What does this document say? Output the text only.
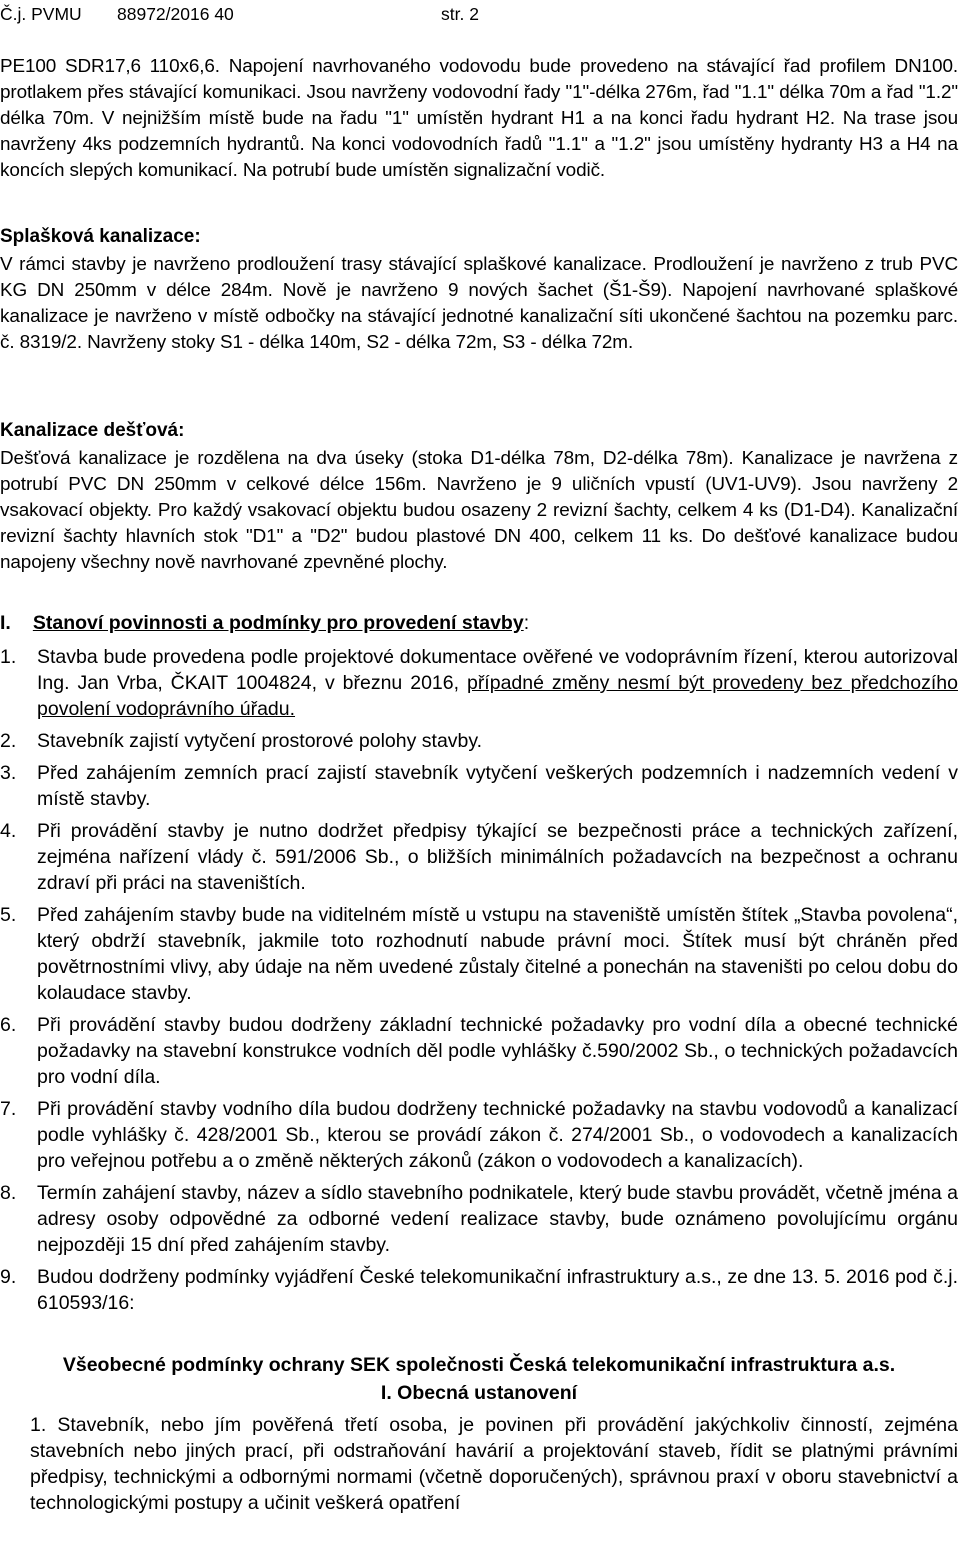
Č.j. PVMU 88972/2016 40	str. 2

PE100 SDR17,6 110x6,6. Napojení navrhovaného vodovodu bude provedeno na stávající řad profilem DN100. protlakem přes stávající komunikaci. Jsou navrženy vodovodní řady "1"-délka 276m, řad "1.1" délka 70m a řad "1.2" délka 70m. V nejnižším místě bude na řadu "1" umístěn hydrant H1 a na konci řadu hydrant H2. Na trase jsou navrženy 4ks podzemních hydrantů. Na konci vodovodních řadů "1.1" a "1.2" jsou umístěny hydranty H3 a H4 na koncích slepých komunikací. Na potrubí bude umístěn signalizační vodič.

Splašková kanalizace:

V rámci stavby je navrženo prodloužení trasy stávající splaškové kanalizace. Prodloužení je navrženo z trub PVC KG DN 250mm v délce 284m. Nově je navrženo 9 nových šachet (Š1-Š9). Napojení navrhované splaškové kanalizace je navrženo v místě odbočky na stávající jednotné kanalizační síti ukončené šachtou na pozemku parc. č. 8319/2. Navrženy stoky S1 - délka 140m, S2 - délka 72m, S3 - délka 72m.

Kanalizace dešťová:

Dešťová kanalizace je rozdělena na dva úseky (stoka D1-délka 78m, D2-délka 78m). Kanalizace je navržena z potrubí PVC DN 250mm v celkové délce 156m. Navrženo je 9 uličních vpustí (UV1-UV9). Jsou navrženy 2 vsakovací objekty. Pro každý vsakovací objektu budou osazeny 2 revizní šachty, celkem 4 ks (D1-D4). Kanalizační revizní šachty hlavních stok "D1" a "D2" budou plastové DN 400, celkem 11 ks. Do dešťové kanalizace budou napojeny všechny nově navrhované zpevněné plochy.

I. Stanoví povinnosti a podmínky pro provedení stavby:

1. Stavba bude provedena podle projektové dokumentace ověřené ve vodoprávním řízení, kterou autorizoval Ing. Jan Vrba, ČKAIT 1004824, v březnu 2016, případné změny nesmí být provedeny bez předchozího povolení vodoprávního úřadu.
2. Stavebník zajistí vytyčení prostorové polohy stavby.
3. Před zahájením zemních prací zajistí stavebník vytyčení veškerých podzemních i nadzemních vedení v místě stavby.
4. Při provádění stavby je nutno dodržet předpisy týkající se bezpečnosti práce a technických zařízení, zejména nařízení vlády č. 591/2006 Sb., o bližších minimálních požadavcích na bezpečnost a ochranu zdraví při práci na staveništích.
5. Před zahájením stavby bude na viditelném místě u vstupu na staveniště umístěn štítek „Stavba povolena“, který obdrží stavebník, jakmile toto rozhodnutí nabude právní moci. Štítek musí být chráněn před povětrnostními vlivy, aby údaje na něm uvedené zůstaly čitelné a ponechán na staveništi po celou dobu do kolaudace stavby.
6. Při provádění stavby budou dodrženy základní technické požadavky pro vodní díla a obecné technické požadavky na stavební konstrukce vodních děl podle vyhlášky č.590/2002 Sb., o technických požadavcích pro vodní díla.
7. Při provádění stavby vodního díla budou dodrženy technické požadavky na stavbu vodovodů a kanalizací podle vyhlášky č. 428/2001 Sb., kterou se provádí zákon č. 274/2001 Sb., o vodovodech a kanalizacích pro veřejnou potřebu a o změně některých zákonů (zákon o vodovodech a kanalizacích).
8. Termín zahájení stavby, název a sídlo stavebního podnikatele, který bude stavbu provádět, včetně jména a adresy osoby odpovědné za odborné vedení realizace stavby, bude oznámeno povolujícímu orgánu nejpozději 15 dní před zahájením stavby.
9. Budou dodrženy podmínky vyjádření České telekomunikační infrastruktury a.s., ze dne 13. 5. 2016 pod č.j. 610593/16:

Všeobecné podmínky ochrany SEK společnosti Česká telekomunikační infrastruktura a.s.

I. Obecná ustanovení

1. Stavebník, nebo jím pověřená třetí osoba, je povinen při provádění jakýchkoliv činností, zejména stavebních nebo jiných prací, při odstraňování havárií a projektování staveb, řídit se platnými právními předpisy, technickými a odbornými normami (včetně doporučených), správnou praxí v oboru stavebnictví a technologickými postupy a učinit veškerá opatření
